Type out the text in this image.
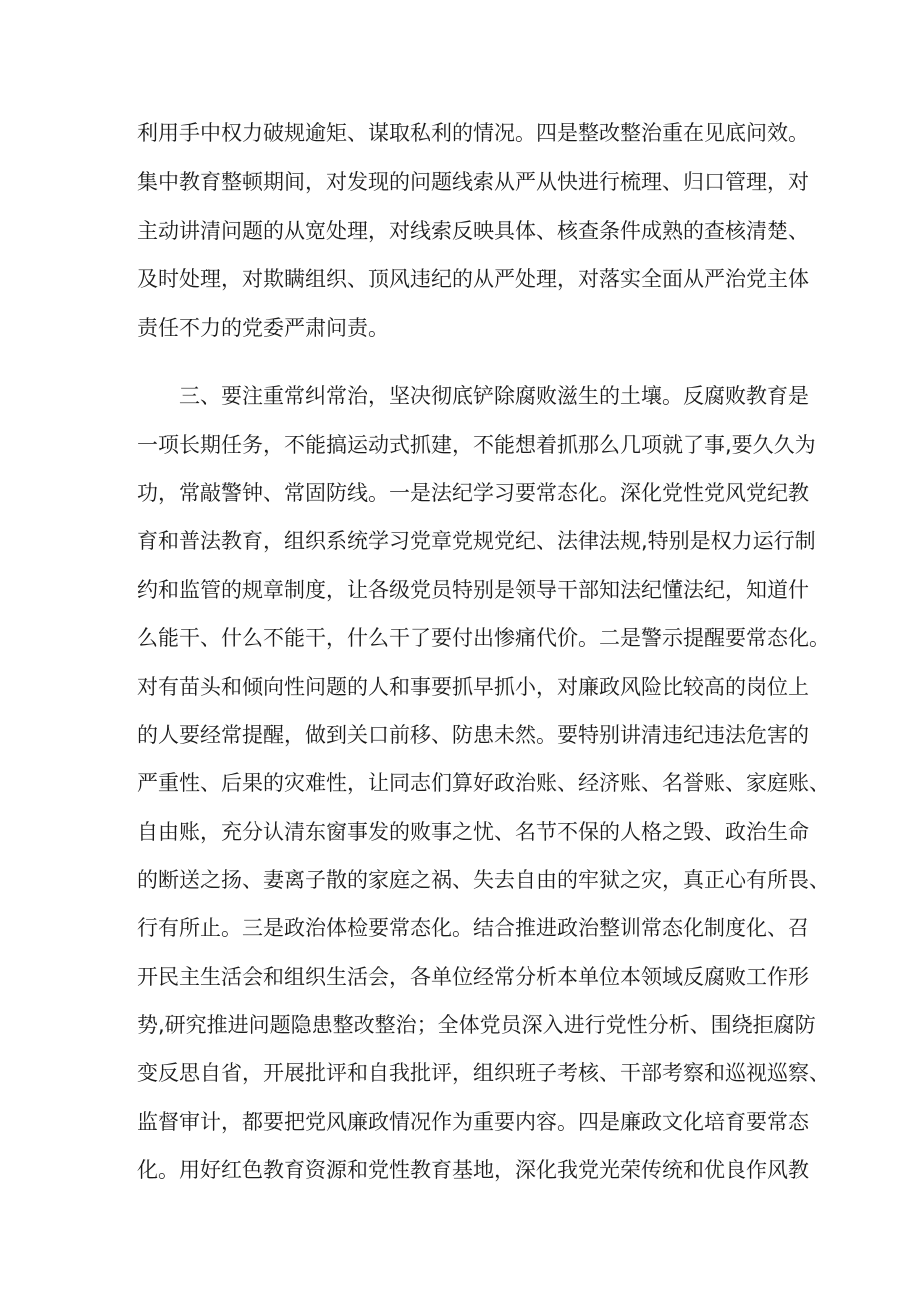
利用手中权力破规逾矩、谋取私利的情况。四是整改整治重在见底问效。
集中教育整顿期间，对发现的问题线索从严从快进行梳理、归口管理，对
主动讲清问题的从宽处理，对线索反映具体、核查条件成熟的查核清楚、
及时处理，对欺瞒组织、顶风违纪的从严处理，对落实全面从严治党主体
责任不力的党委严肃问责。
三、要注重常纠常治，坚决彻底铲除腐败滋生的土壤。反腐败教育是
一项长期任务，不能搞运动式抓建，不能想着抓那么几项就了事,要久久为
功，常敲警钟、常固防线。一是法纪学习要常态化。深化党性党风党纪教
育和普法教育，组织系统学习党章党规党纪、法律法规,特别是权力运行制
约和监管的规章制度，让各级党员特别是领导干部知法纪懂法纪，知道什
么能干、什么不能干，什么干了要付出惨痛代价。二是警示提醒要常态化。
对有苗头和倾向性问题的人和事要抓早抓小，对廉政风险比较高的岗位上
的人要经常提醒，做到关口前移、防患未然。要特别讲清违纪违法危害的
严重性、后果的灾难性，让同志们算好政治账、经济账、名誉账、家庭账、
自由账，充分认清东窗事发的败事之忧、名节不保的人格之毁、政治生命
的断送之扬、妻离子散的家庭之祸、失去自由的牢狱之灾，真正心有所畏、
行有所止。三是政治体检要常态化。结合推进政治整训常态化制度化、召
开民主生活会和组织生活会，各单位经常分析本单位本领域反腐败工作形
势,研究推进问题隐患整改整治；全体党员深入进行党性分析、围绕拒腐防
变反思自省，开展批评和自我批评，组织班子考核、干部考察和巡视巡察、
监督审计，都要把党风廉政情况作为重要内容。四是廉政文化培育要常态
化。用好红色教育资源和党性教育基地，深化我党光荣传统和优良作风教
